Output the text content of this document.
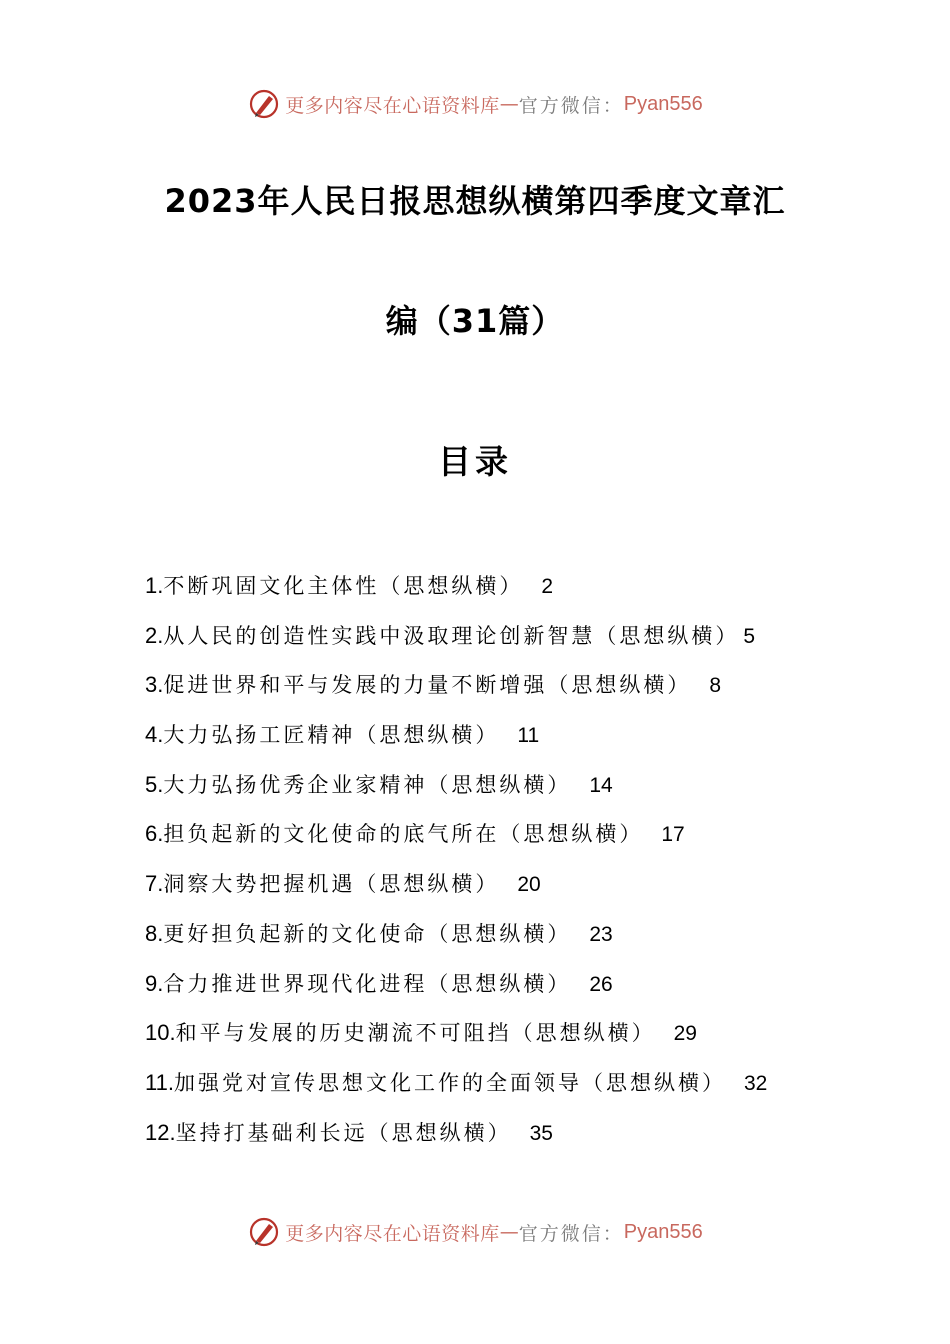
更多内容尽在心语资料库 — 官方微信： Pyan556
2023年人民日报思想纵横第四季度文章汇
编（31篇）
目录
1.不断巩固文化主体性（思想纵横） 2
2.从人民的创造性实践中汲取理论创新智慧（思想纵横） 5
3.促进世界和平与发展的力量不断增强（思想纵横） 8
4.大力弘扬工匠精神（思想纵横） 11
5.大力弘扬优秀企业家精神（思想纵横） 14
6.担负起新的文化使命的底气所在（思想纵横） 17
7.洞察大势把握机遇（思想纵横） 20
8.更好担负起新的文化使命（思想纵横） 23
9.合力推进世界现代化进程（思想纵横） 26
10.和平与发展的历史潮流不可阻挡（思想纵横） 29
11.加强党对宣传思想文化工作的全面领导（思想纵横） 32
12.坚持打基础利长远（思想纵横） 35
更多内容尽在心语资料库 — 官方微信： Pyan556
